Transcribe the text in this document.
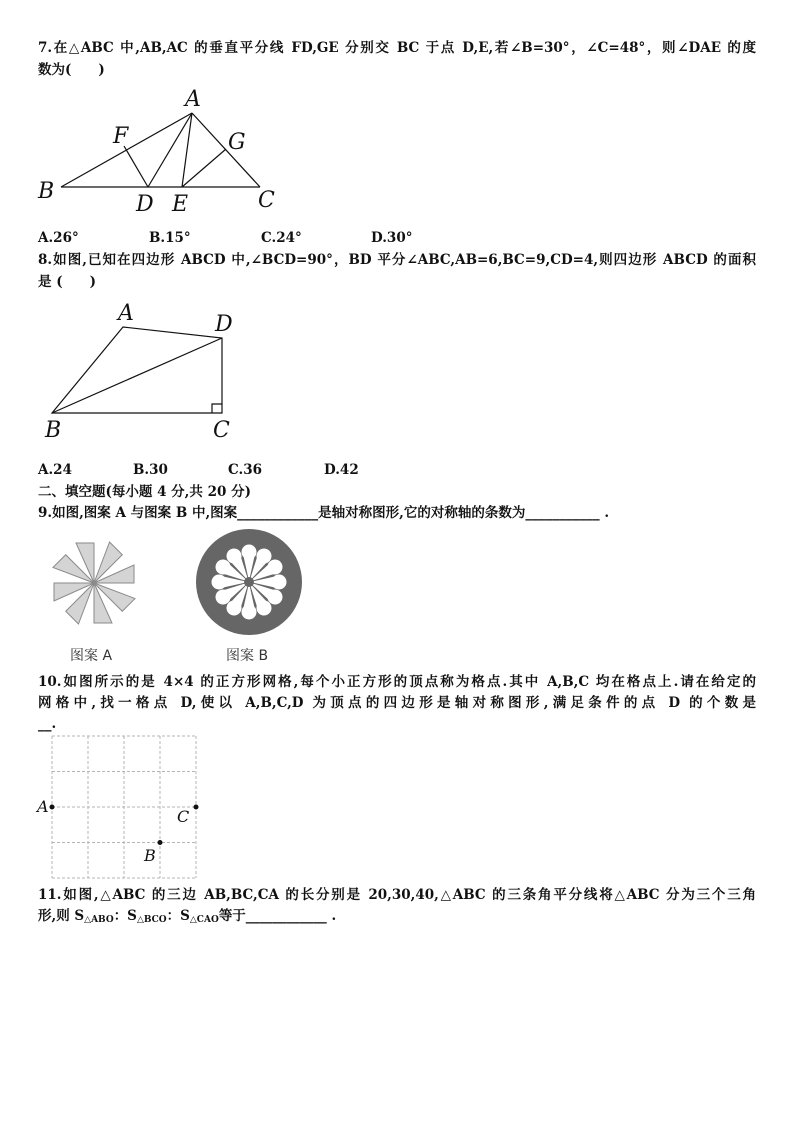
7.在△ABC 中,AB,AC 的垂直平分线 FD,GE 分别交 BC 于点 D,E,若∠B=30°，∠C=48°，则∠DAE 的度
数为(　　)
A
B	C
D E
F	G
A.26°	B.15°	C.24°	D.30°
8.如图,已知在四边形 ABCD 中,∠BCD=90°，BD 平分∠ABC,AB=6,BC=9,CD=4,则四边形 ABCD 的面积
是 (　　)
A
B	C
D
A.24	B.30	C.36	D.42
二、填空题(每小题 4 分,共 20 分)
9.如图,图案 A 与图案 B 中,图案____________是轴对称图形,它的对称轴的条数为___________ .
图案 A	图案 B
10.如图所示的是 4×4 的正方形网格,每个小正方形的顶点称为格点.其中 A,B,C 均在格点上.请在给定的
网格中,找一格点 D,使以 A,B,C,D 为顶点的四边形是轴对称图形,满足条件的点 D 的个数是
__.
A
B
C
11.如图,△ABC 的三边 AB,BC,CA 的长分别是 20,30,40,△ABC 的三条角平分线将△ABC 分为三个三角
形,则 $S_{\triangle ABO}$：$S_{\triangle BCO}$：$S_{\triangle CAO}$等于____________ .
